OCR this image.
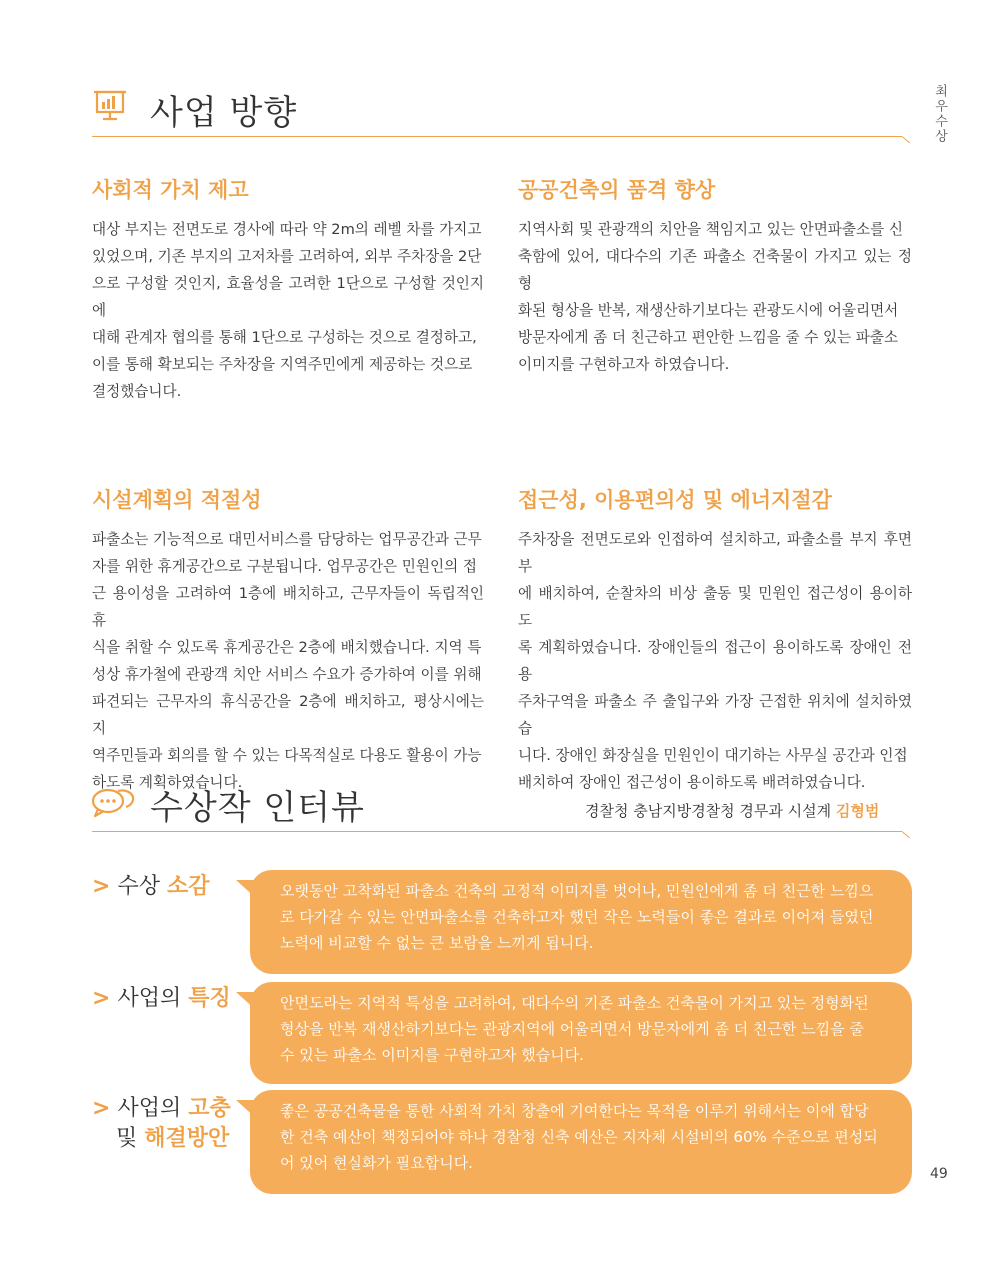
최우수상
사업 방향
사회적 가치 제고
대상 부지는 전면도로 경사에 따라 약 2m의 레벨 차를 가지고
있었으며, 기존 부지의 고저차를 고려하여, 외부 주차장을 2단
으로 구성할 것인지, 효율성을 고려한 1단으로 구성할 것인지에
대해 관계자 협의를 통해 1단으로 구성하는 것으로 결정하고,
이를 통해 확보되는 주차장을 지역주민에게 제공하는 것으로
결정했습니다.
공공건축의 품격 향상
지역사회 및 관광객의 치안을 책임지고 있는 안면파출소를 신
축함에 있어, 대다수의 기존 파출소 건축물이 가지고 있는 정형
화된 형상을 반복, 재생산하기보다는 관광도시에 어울리면서
방문자에게 좀 더 친근하고 편안한 느낌을 줄 수 있는 파출소
이미지를 구현하고자 하였습니다.
시설계획의 적절성
파출소는 기능적으로 대민서비스를 담당하는 업무공간과 근무
자를 위한 휴게공간으로 구분됩니다. 업무공간은 민원인의 접
근 용이성을 고려하여 1층에 배치하고, 근무자들이 독립적인 휴
식을 취할 수 있도록 휴게공간은 2층에 배치했습니다. 지역 특
성상 휴가철에 관광객 치안 서비스 수요가 증가하여 이를 위해
파견되는 근무자의 휴식공간을 2층에 배치하고, 평상시에는 지
역주민들과 회의를 할 수 있는 다목적실로 다용도 활용이 가능
하도록 계획하였습니다.
접근성, 이용편의성 및 에너지절감
주차장을 전면도로와 인접하여 설치하고, 파출소를 부지 후면부
에 배치하여, 순찰차의 비상 출동 및 민원인 접근성이 용이하도
록 계획하였습니다. 장애인들의 접근이 용이하도록 장애인 전용
주차구역을 파출소 주 출입구와 가장 근접한 위치에 설치하였습
니다. 장애인 화장실을 민원인이 대기하는 사무실 공간과 인접
배치하여 장애인 접근성이 용이하도록 배려하였습니다.
수상작 인터뷰	경찰청 충남지방경찰청 경무과 시설계 김형범
> 수상 소감	오랫동안 고착화된 파출소 건축의 고정적 이미지를 벗어나, 민원인에게 좀 더 친근한 느낌으
로 다가갈 수 있는 안면파출소를 건축하고자 했던 작은 노력들이 좋은 결과로 이어져 들였던
노력에 비교할 수 없는 큰 보람을 느끼게 됩니다.
> 사업의 특징	안면도라는 지역적 특성을 고려하여, 대다수의 기존 파출소 건축물이 가지고 있는 정형화된
형상을 반복 재생산하기보다는 관광지역에 어울리면서 방문자에게 좀 더 친근한 느낌을 줄
수 있는 파출소 이미지를 구현하고자 했습니다.
> 사업의 고충
및 해결방안
좋은 공공건축물을 통한 사회적 가치 창출에 기여한다는 목적을 이루기 위해서는 이에 합당
한 건축 예산이 책정되어야 하나 경찰청 신축 예산은 지자체 시설비의 60% 수준으로 편성되
어 있어 현실화가 필요합니다.
49
